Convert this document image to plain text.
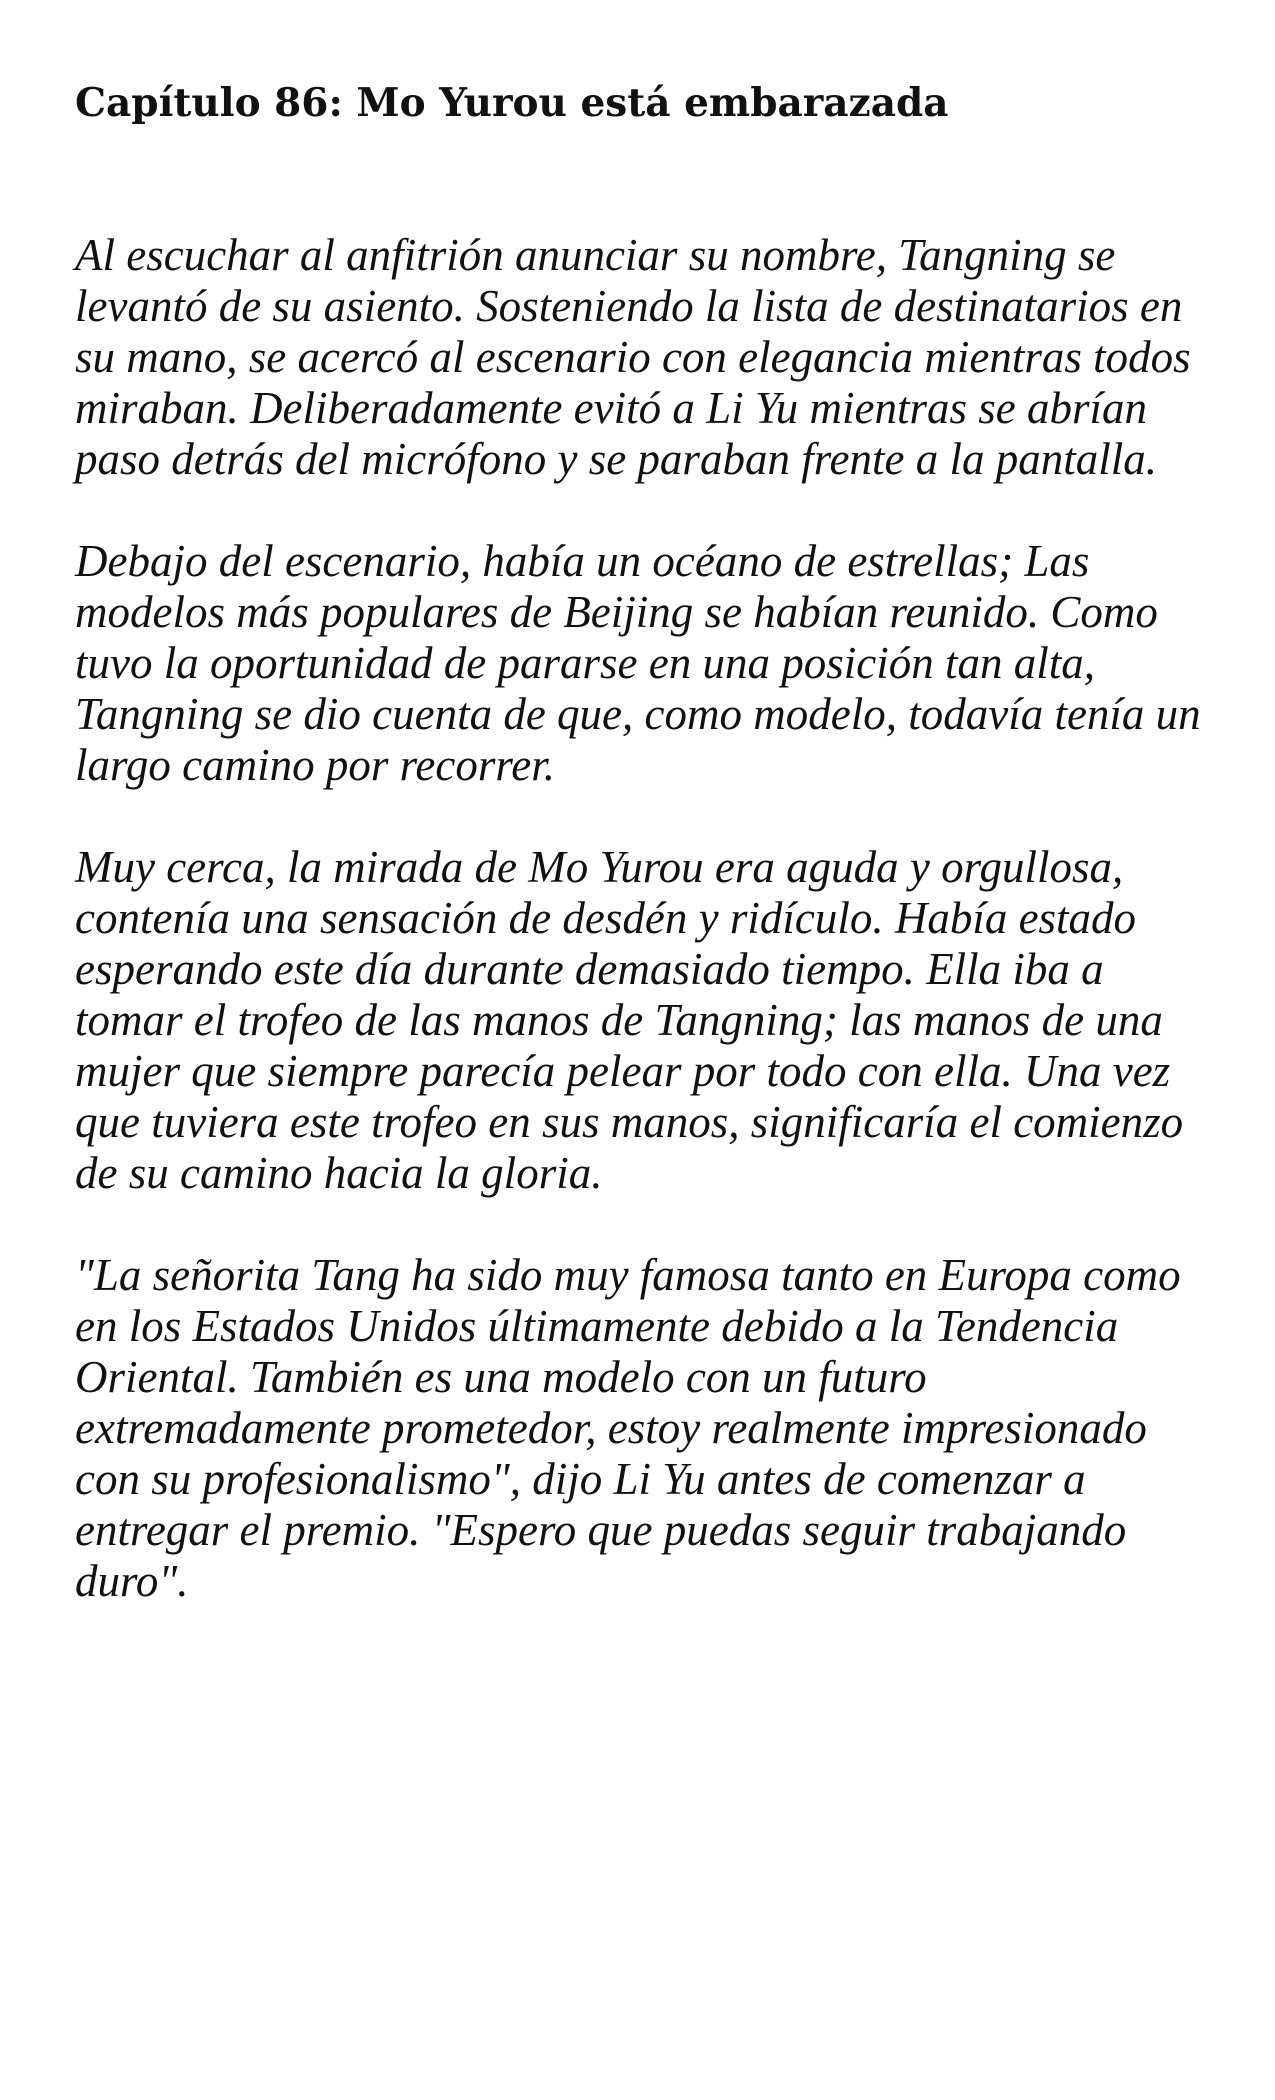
Capítulo 86: Mo Yurou está embarazada

Al escuchar al anfitrión anunciar su nombre, Tangning se levantó de su asiento. Sosteniendo la lista de destinatarios en su mano, se acercó al escenario con elegancia mientras todos miraban. Deliberadamente evitó a Li Yu mientras se abrían paso detrás del micrófono y se paraban frente a la pantalla.

Debajo del escenario, había un océano de estrellas; Las modelos más populares de Beijing se habían reunido. Como tuvo la oportunidad de pararse en una posición tan alta, Tangning se dio cuenta de que, como modelo, todavía tenía un largo camino por recorrer.

Muy cerca, la mirada de Mo Yurou era aguda y orgullosa, contenía una sensación de desdén y ridículo. Había estado esperando este día durante demasiado tiempo. Ella iba a tomar el trofeo de las manos de Tangning; las manos de una mujer que siempre parecía pelear por todo con ella. Una vez que tuviera este trofeo en sus manos, significaría el comienzo de su camino hacia la gloria.

"La señorita Tang ha sido muy famosa tanto en Europa como en los Estados Unidos últimamente debido a la Tendencia Oriental. También es una modelo con un futuro extremadamente prometedor, estoy realmente impresionado con su profesionalismo", dijo Li Yu antes de comenzar a entregar el premio. "Espero que puedas seguir trabajando duro".
